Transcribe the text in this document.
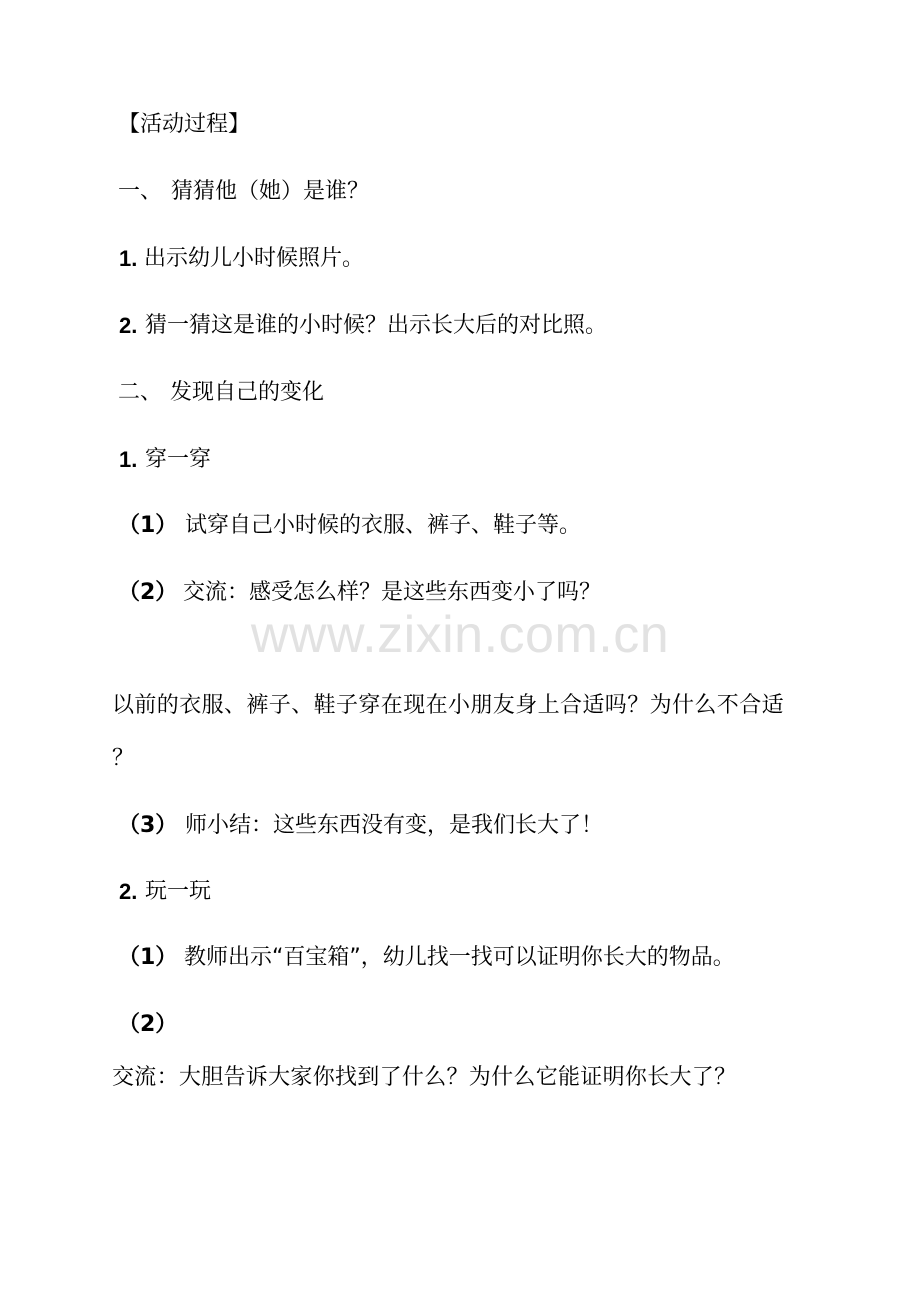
www.zixin.com.cn
【活动过程】
一、 猜猜他（她）是谁？
1. 出示幼儿小时候照片。
2. 猜一猜这是谁的小时候？出示长大后的对比照。
二、 发现自己的变化
1. 穿一穿
（1） 试穿自己小时候的衣服、裤子、鞋子等。
（2） 交流：感受怎么样？是这些东西变小了吗？
以前的衣服、裤子、鞋子穿在现在小朋友身上合适吗？为什么不合适
？
（3） 师小结：这些东西没有变，是我们长大了！
2. 玩一玩
（1） 教师出示“百宝箱”，幼儿找一找可以证明你长大的物品。
（2）
交流：大胆告诉大家你找到了什么？为什么它能证明你长大了？
